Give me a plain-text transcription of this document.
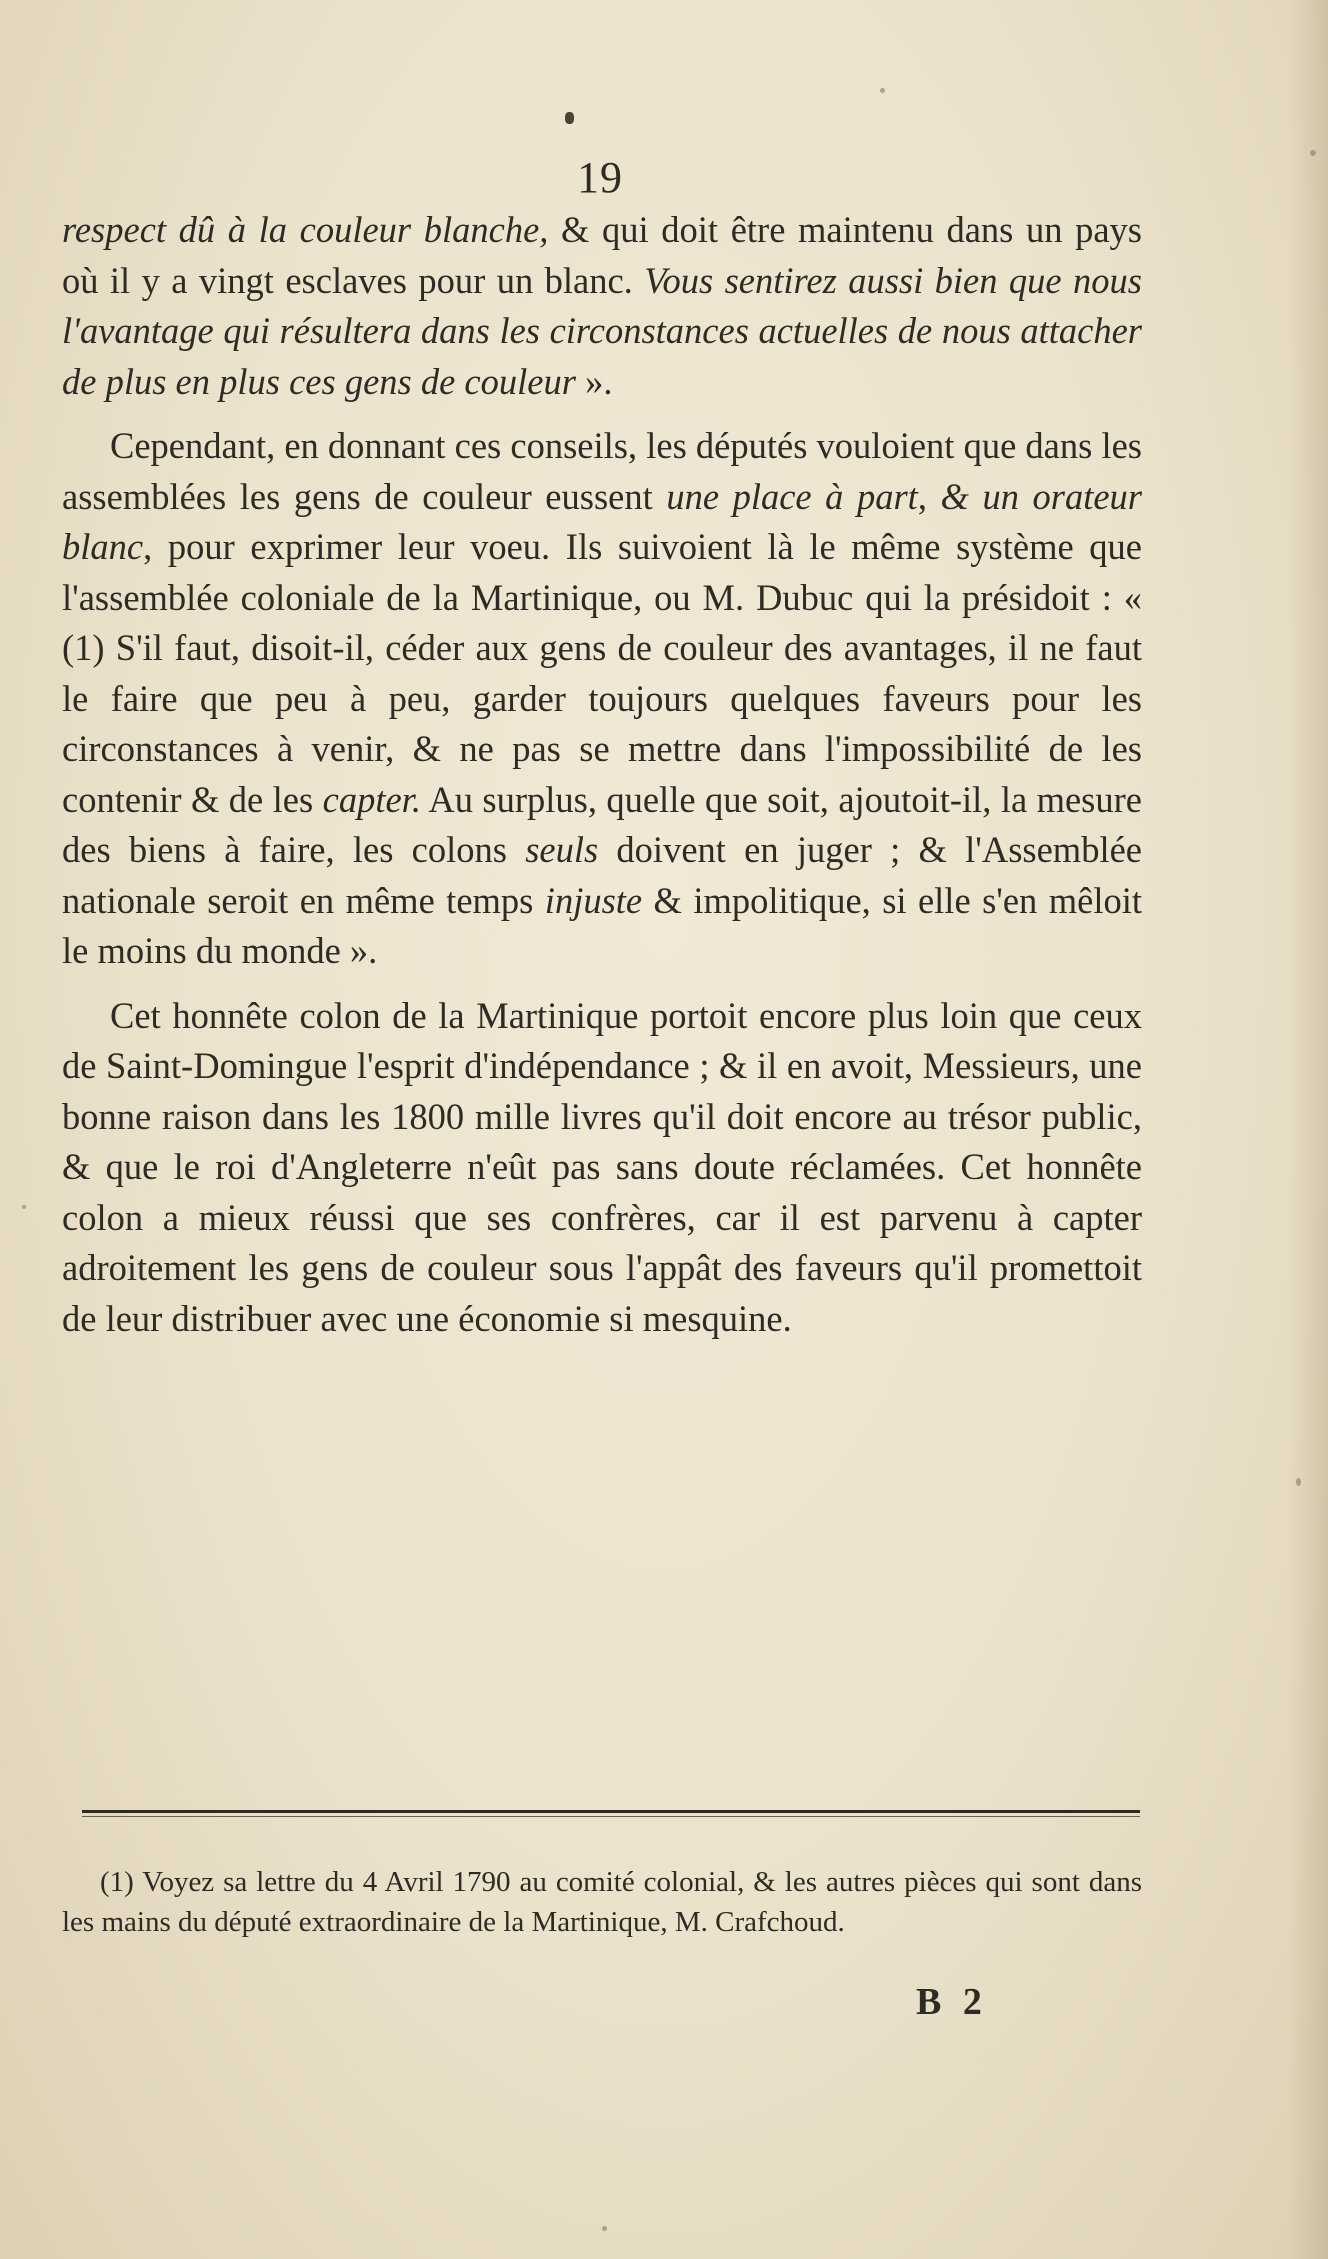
19

respect dû à la couleur blanche, & qui doit être maintenu dans un pays où il y a vingt esclaves pour un blanc. Vous sentirez aussi bien que nous l'avantage qui résultera dans les circonstances actuelles de nous attacher de plus en plus ces gens de couleur ».

Cependant, en donnant ces conseils, les députés vouloient que dans les assemblées les gens de couleur eussent une place à part, & un orateur blanc, pour exprimer leur voeu. Ils suivoient là le même système que l'assemblée coloniale de la Martinique, ou M. Dubuc qui la présidoit : « (1) S'il faut, disoit-il, céder aux gens de couleur des avantages, il ne faut le faire que peu à peu, garder toujours quelques faveurs pour les circonstances à venir, & ne pas se mettre dans l'impossibilité de les contenir & de les capter. Au surplus, quelle que soit, ajoutoit-il, la mesure des biens à faire, les colons seuls doivent en juger ; & l'Assemblée nationale seroit en même temps injuste & impolitique, si elle s'en mêloit le moins du monde ».

Cet honnête colon de la Martinique portoit encore plus loin que ceux de Saint-Domingue l'esprit d'indépendance ; & il en avoit, Messieurs, une bonne raison dans les 1800 mille livres qu'il doit encore au trésor public, & que le roi d'Angleterre n'eût pas sans doute réclamées. Cet honnête colon a mieux réussi que ses confrères, car il est parvenu à capter adroitement les gens de couleur sous l'appât des faveurs qu'il promettoit de leur distribuer avec une économie si mesquine.

(1) Voyez sa lettre du 4 Avril 1790 au comité colonial, & les autres pièces qui sont dans les mains du député extraordinaire de la Martinique, M. Crafchoud.
B 2
